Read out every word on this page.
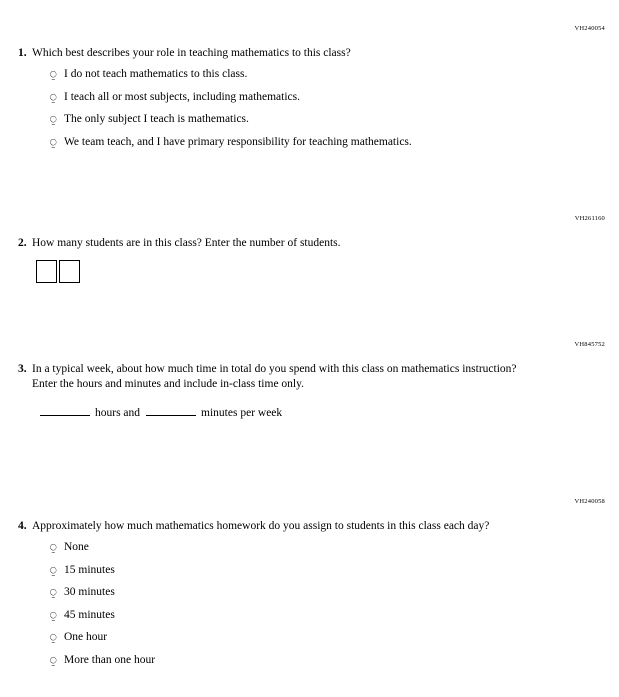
VH240054
1. Which best describes your role in teaching mathematics to this class?
⍜ I do not teach mathematics to this class.
⍜ I teach all or most subjects, including mathematics.
⍜ The only subject I teach is mathematics.
⍜ We team teach, and I have primary responsibility for teaching mathematics.
VH261160
2. How many students are in this class? Enter the number of students.
VH845752
3. In a typical week, about how much time in total do you spend with this class on mathematics instruction? Enter the hours and minutes and include in-class time only.
hours and	minutes per week
VH240058
4. Approximately how much mathematics homework do you assign to students in this class each day?
⍜ None
⍜ 15 minutes
⍜ 30 minutes
⍜ 45 minutes
⍜ One hour
⍜ More than one hour
